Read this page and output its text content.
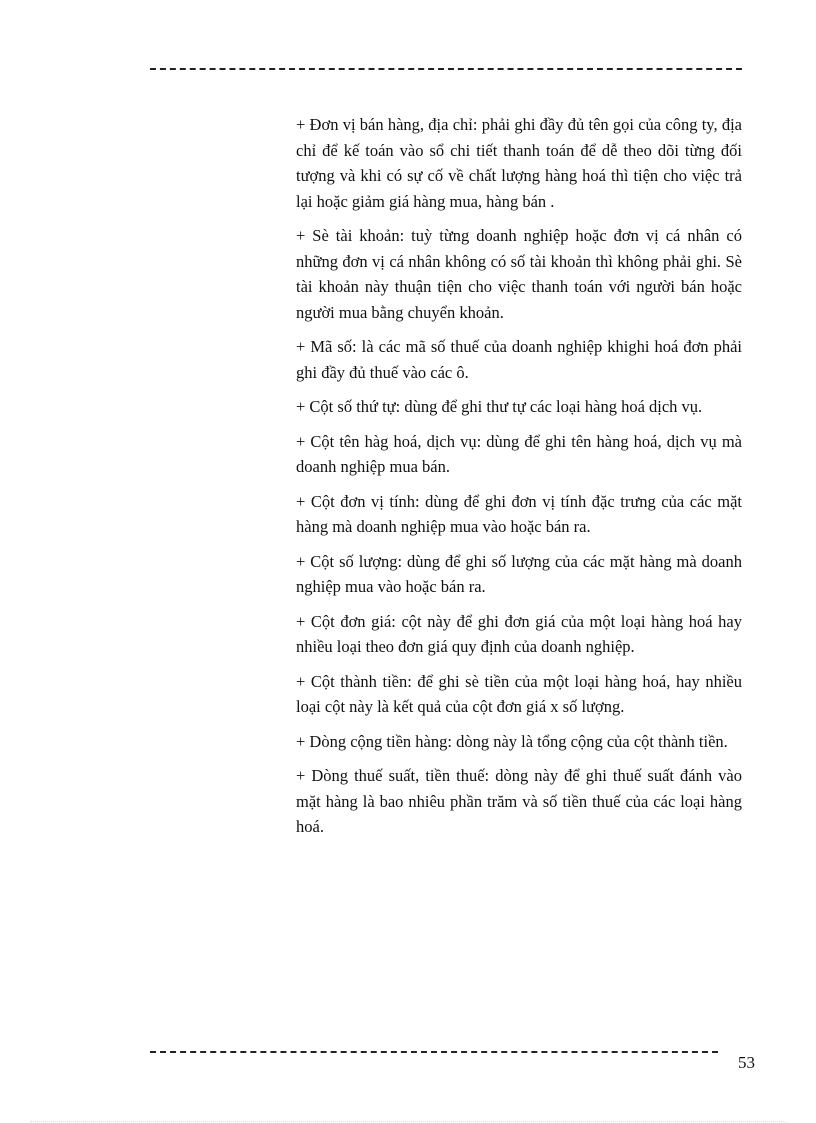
+ Đơn vị bán hàng, địa chỉ: phải ghi đầy đủ tên gọi của công ty, địa chỉ để kế toán vào sổ chi tiết thanh toán để dễ theo dõi từng đối tượng và khi có sự cố về chất lượng hàng hoá thì tiện cho việc trả lại hoặc giảm giá hàng mua, hàng bán .

+ Sè tài khoản: tuỳ từng doanh nghiệp hoặc đơn vị cá nhân có những đơn vị cá nhân không có số tài khoản thì không phải ghi. Sè tài khoản này thuận tiện cho việc thanh toán với người bán hoặc người mua bằng chuyển khoản.

+ Mã số: là các mã số thuế của doanh nghiệp khighi hoá đơn phải ghi đầy đủ thuế vào các ô.

+ Cột số thứ tự: dùng để ghi thư tự các loại hàng hoá dịch vụ.

+ Cột tên hàg hoá, dịch vụ: dùng để ghi tên hàng hoá, dịch vụ mà doanh nghiệp mua bán.

+ Cột đơn vị tính: dùng để ghi đơn vị tính đặc trưng của các mặt hàng mà doanh nghiệp mua vào hoặc bán ra.

+ Cột số lượng: dùng để ghi số lượng của các mặt hàng mà doanh nghiệp mua vào hoặc bán ra.

+ Cột đơn giá: cột này để ghi đơn giá của một loại hàng hoá hay nhiều loại theo đơn giá quy định của doanh nghiệp.

+ Cột thành tiền: để ghi sè tiền của một loại hàng hoá, hay nhiều loại cột này là kết quả của cột đơn giá x số lượng.

+ Dòng cộng tiền hàng: dòng này là tổng cộng của cột thành tiền.

+ Dòng thuế suất, tiền thuế: dòng này để ghi thuế suất đánh vào mặt hàng là bao nhiêu phần trăm và số tiền thuế của các loại hàng hoá.

53
